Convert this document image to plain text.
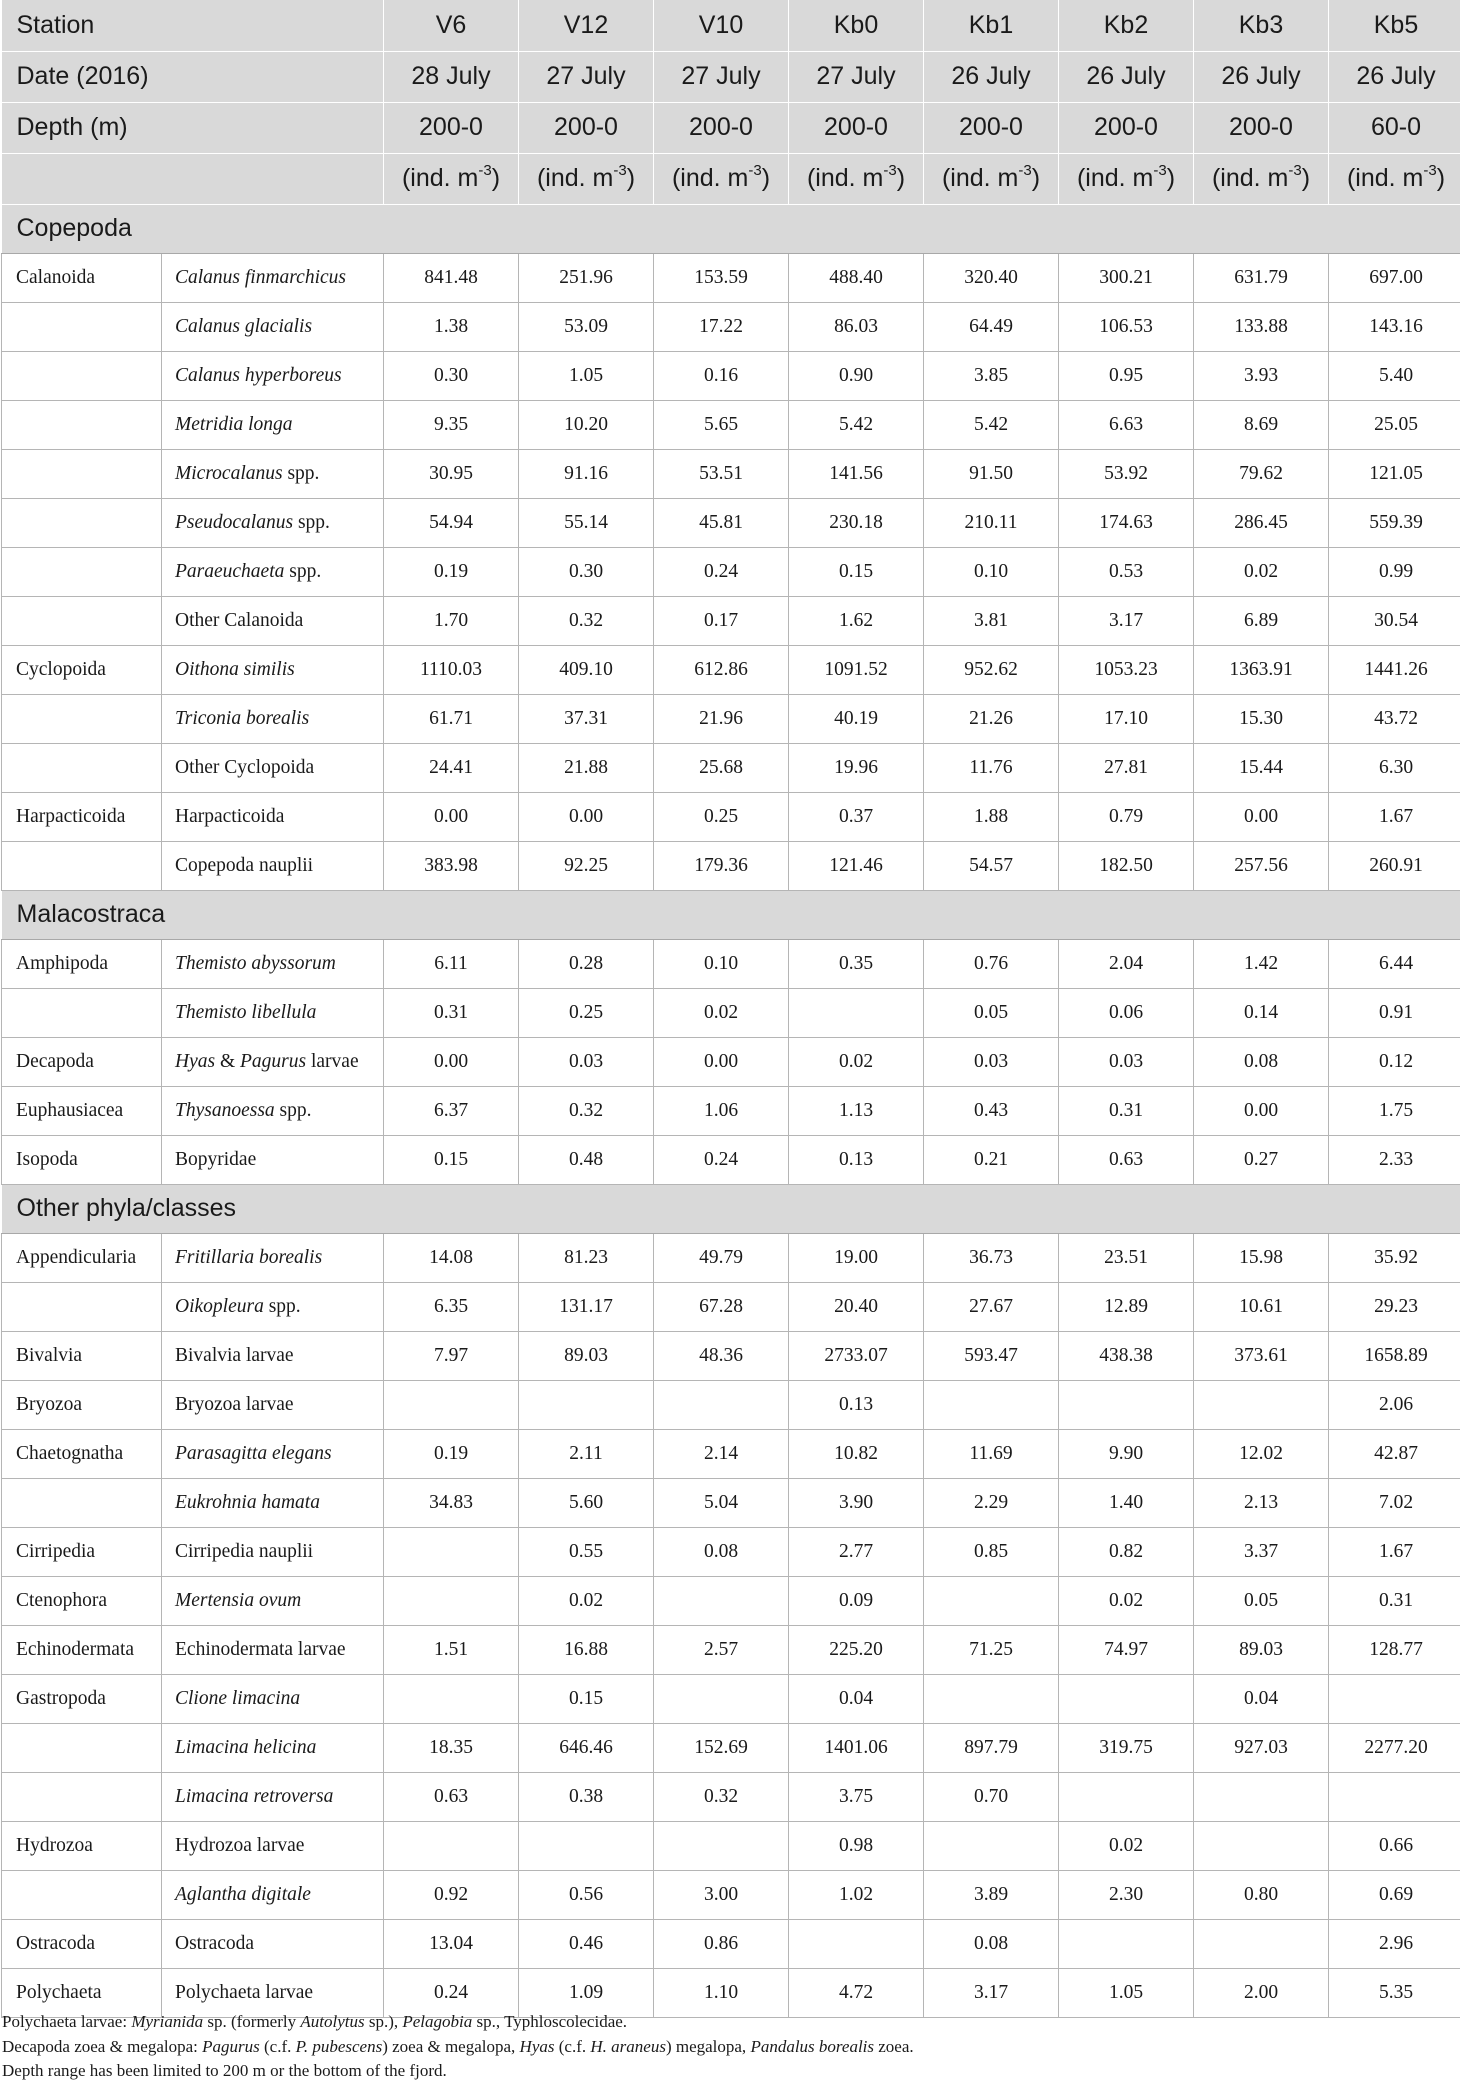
Station		V6	V12	V10	Kb0	Kb1	Kb2	Kb3	Kb5
Date (2016)		28 July	27 July	27 July	27 July	26 July	26 July	26 July	26 July
Depth (m)		200-0	200-0	200-0	200-0	200-0	200-0	200-0	60-0
		(ind. $m^{-3}$)	(ind. $m^{-3}$)	(ind. $m^{-3}$)	(ind. $m^{-3}$)	(ind. $m^{-3}$)	(ind. $m^{-3}$)	(ind. $m^{-3}$)	(ind. $m^{-3}$)
Copepoda									
Calanoida	Calanus finmarchicus	841.48	251.96	153.59	488.40	320.40	300.21	631.79	697.00
	Calanus glacialis	1.38	53.09	17.22	86.03	64.49	106.53	133.88	143.16
	Calanus hyperboreus	0.30	1.05	0.16	0.90	3.85	0.95	3.93	5.40
	Metridia longa	9.35	10.20	5.65	5.42	5.42	6.63	8.69	25.05
	Microcalanus spp.	30.95	91.16	53.51	141.56	91.50	53.92	79.62	121.05
	Pseudocalanus spp.	54.94	55.14	45.81	230.18	210.11	174.63	286.45	559.39
	Paraeuchaeta spp.	0.19	0.30	0.24	0.15	0.10	0.53	0.02	0.99
	Other Calanoida	1.70	0.32	0.17	1.62	3.81	3.17	6.89	30.54
Cyclopoida	Oithona similis	1110.03	409.10	612.86	1091.52	952.62	1053.23	1363.91	1441.26
	Triconia borealis	61.71	37.31	21.96	40.19	21.26	17.10	15.30	43.72
	Other Cyclopoida	24.41	21.88	25.68	19.96	11.76	27.81	15.44	6.30
Harpacticoida	Harpacticoida	0.00	0.00	0.25	0.37	1.88	0.79	0.00	1.67
	Copepoda nauplii	383.98	92.25	179.36	121.46	54.57	182.50	257.56	260.91
Malacostraca									
Amphipoda	Themisto abyssorum	6.11	0.28	0.10	0.35	0.76	2.04	1.42	6.44
	Themisto libellula	0.31	0.25	0.02		0.05	0.06	0.14	0.91
Decapoda	Hyas & Pagurus larvae	0.00	0.03	0.00	0.02	0.03	0.03	0.08	0.12
Euphausiacea	Thysanoessa spp.	6.37	0.32	1.06	1.13	0.43	0.31	0.00	1.75
Isopoda	Bopyridae	0.15	0.48	0.24	0.13	0.21	0.63	0.27	2.33
Other phyla/classes									
Appendicularia	Fritillaria borealis	14.08	81.23	49.79	19.00	36.73	23.51	15.98	35.92
	Oikopleura spp.	6.35	131.17	67.28	20.40	27.67	12.89	10.61	29.23
Bivalvia	Bivalvia larvae	7.97	89.03	48.36	2733.07	593.47	438.38	373.61	1658.89
Bryozoa	Bryozoa larvae				0.13				2.06
Chaetognatha	Parasagitta elegans	0.19	2.11	2.14	10.82	11.69	9.90	12.02	42.87
	Eukrohnia hamata	34.83	5.60	5.04	3.90	2.29	1.40	2.13	7.02
Cirripedia	Cirripedia nauplii		0.55	0.08	2.77	0.85	0.82	3.37	1.67
Ctenophora	Mertensia ovum		0.02		0.09		0.02	0.05	0.31
Echinodermata	Echinodermata larvae	1.51	16.88	2.57	225.20	71.25	74.97	89.03	128.77
Gastropoda	Clione limacina		0.15		0.04			0.04	
	Limacina helicina	18.35	646.46	152.69	1401.06	897.79	319.75	927.03	2277.20
	Limacina retroversa	0.63	0.38	0.32	3.75	0.70			
Hydrozoa	Hydrozoa larvae				0.98		0.02		0.66
	Aglantha digitale	0.92	0.56	3.00	1.02	3.89	2.30	0.80	0.69
Ostracoda	Ostracoda	13.04	0.46	0.86		0.08			2.96
Polychaeta	Polychaeta larvae	0.24	1.09	1.10	4.72	3.17	1.05	2.00	5.35
Polychaeta larvae: Myrianida sp. (formerly Autolytus sp.), Pelagobia sp., Typhloscolecidae.
Decapoda zoea & megalopa: Pagurus (c.f. P. pubescens) zoea & megalopa, Hyas (c.f. H. araneus) megalopa, Pandalus borealis zoea.
Depth range has been limited to 200 m or the bottom of the fjord.
